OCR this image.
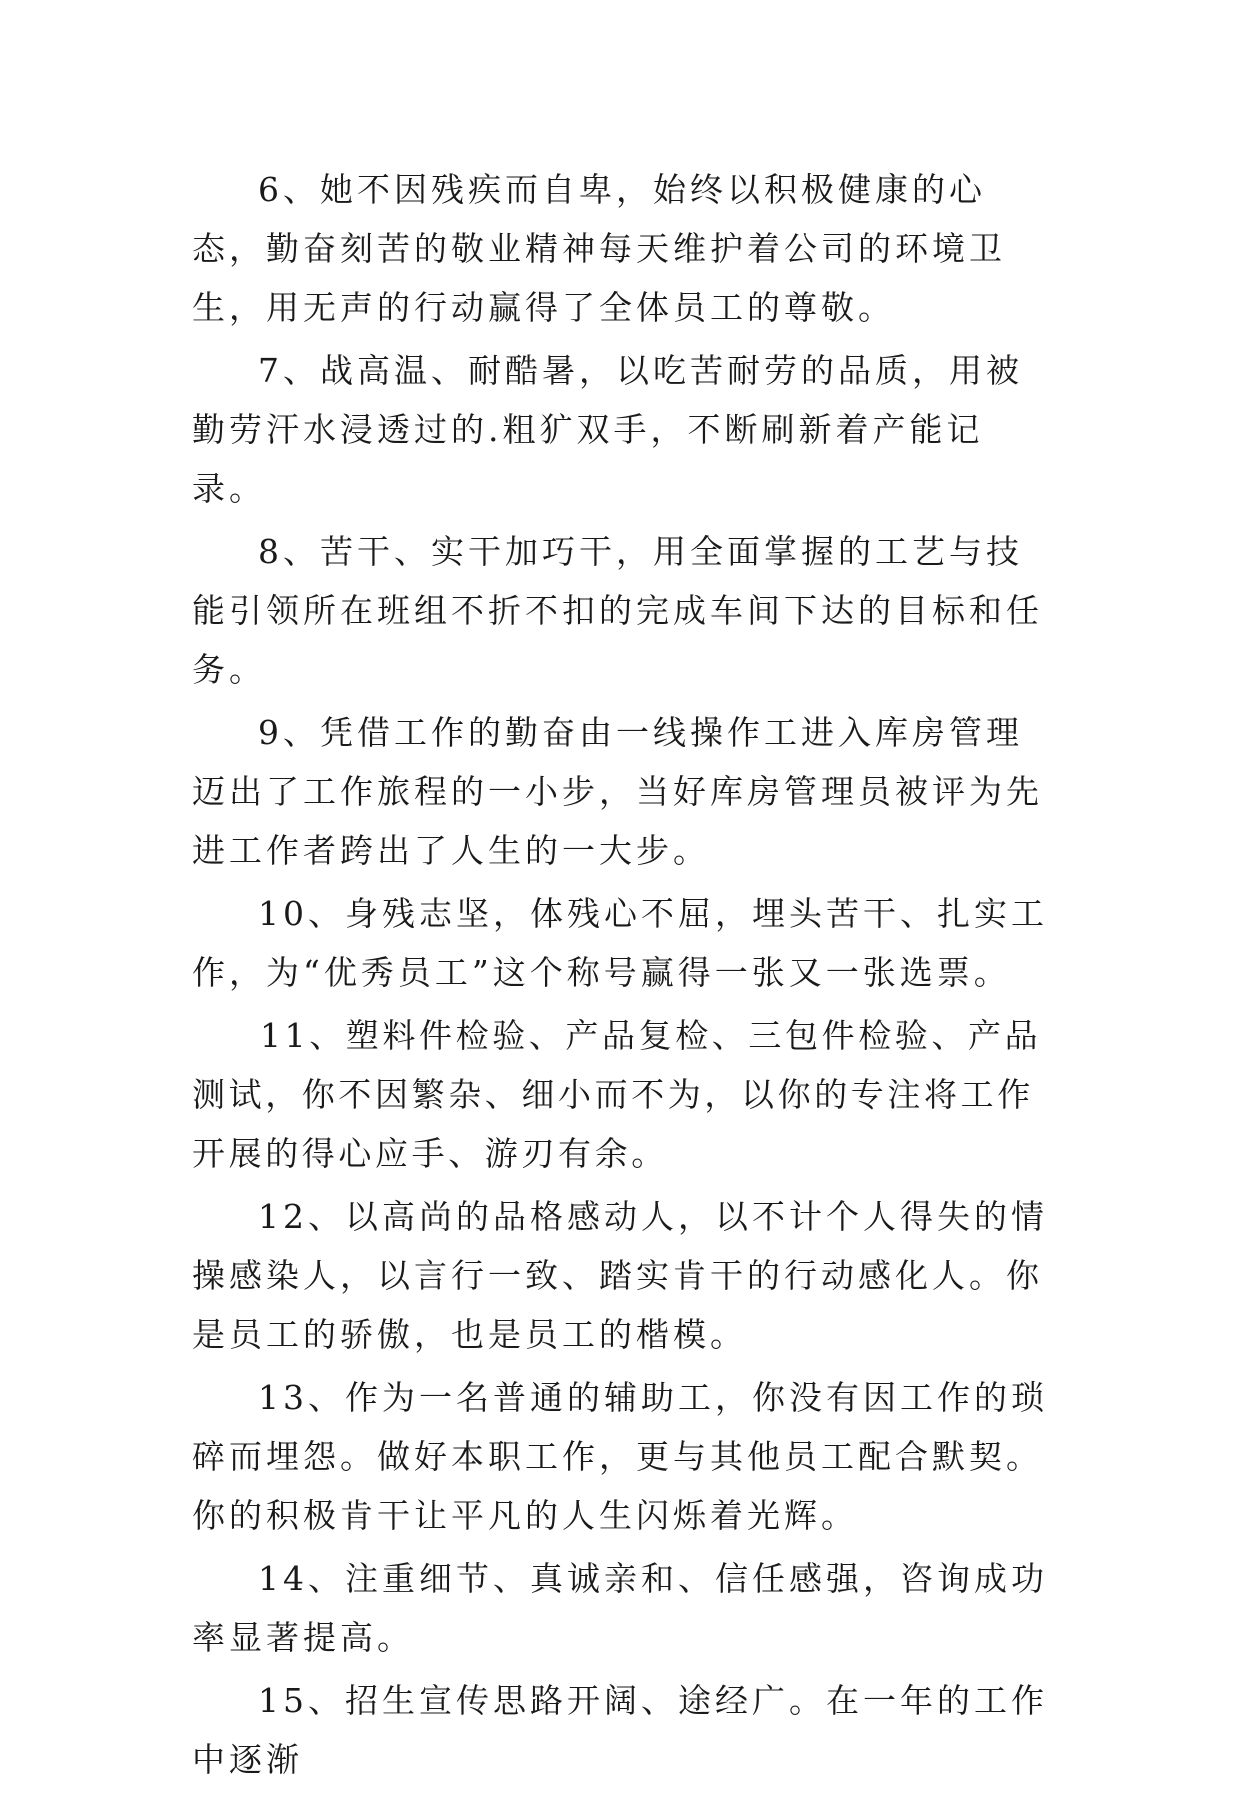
6、她不因残疾而自卑，始终以积极健康的心态，勤奋刻苦的敬业精神每天维护着公司的环境卫生，用无声的行动赢得了全体员工的尊敬。

7、战高温、耐酷暑，以吃苦耐劳的品质，用被勤劳汗水浸透过的.粗犷双手，不断刷新着产能记录。

8、苦干、实干加巧干，用全面掌握的工艺与技能引领所在班组不折不扣的完成车间下达的目标和任务。

9、凭借工作的勤奋由一线操作工进入库房管理迈出了工作旅程的一小步，当好库房管理员被评为先进工作者跨出了人生的一大步。

10、身残志坚，体残心不屈，埋头苦干、扎实工作，为“优秀员工”这个称号赢得一张又一张选票。

11、塑料件检验、产品复检、三包件检验、产品测试，你不因繁杂、细小而不为，以你的专注将工作开展的得心应手、游刃有余。

12、以高尚的品格感动人，以不计个人得失的情操感染人，以言行一致、踏实肯干的行动感化人。你是员工的骄傲，也是员工的楷模。

13、作为一名普通的辅助工，你没有因工作的琐碎而埋怨。做好本职工作，更与其他员工配合默契。你的积极肯干让平凡的人生闪烁着光辉。

14、注重细节、真诚亲和、信任感强，咨询成功率显著提高。

15、招生宣传思路开阔、途经广。在一年的工作中逐渐
